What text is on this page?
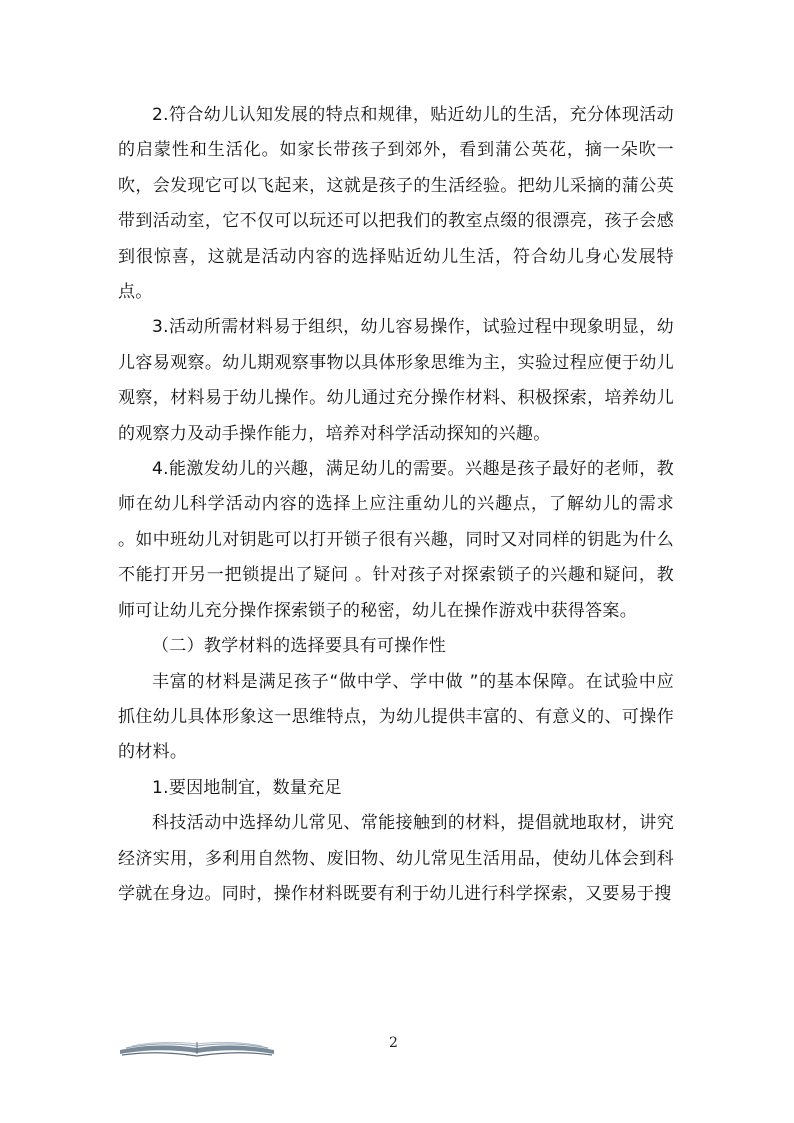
2.符合幼儿认知发展的特点和规律，贴近幼儿的生活，充分体现活动的启蒙性和生活化。如家长带孩子到郊外，看到蒲公英花，摘一朵吹一吹，会发现它可以飞起来，这就是孩子的生活经验。把幼儿采摘的蒲公英带到活动室，它不仅可以玩还可以把我们的教室点缀的很漂亮，孩子会感到很惊喜，这就是活动内容的选择贴近幼儿生活，符合幼儿身心发展特点。

3.活动所需材料易于组织，幼儿容易操作，试验过程中现象明显，幼儿容易观察。幼儿期观察事物以具体形象思维为主，实验过程应便于幼儿观察，材料易于幼儿操作。幼儿通过充分操作材料、积极探索，培养幼儿的观察力及动手操作能力，培养对科学活动探知的兴趣。

4.能激发幼儿的兴趣，满足幼儿的需要。兴趣是孩子最好的老师，教师在幼儿科学活动内容的选择上应注重幼儿的兴趣点，了解幼儿的需求 。如中班幼儿对钥匙可以打开锁子很有兴趣，同时又对同样的钥匙为什么不能打开另一把锁提出了疑问 。针对孩子对探索锁子的兴趣和疑问，教师可让幼儿充分操作探索锁子的秘密，幼儿在操作游戏中获得答案。

（二）教学材料的选择要具有可操作性

丰富的材料是满足孩子“做中学、学中做 ”的基本保障。在试验中应抓住幼儿具体形象这一思维特点，为幼儿提供丰富的、有意义的、可操作的材料。

1.要因地制宜，数量充足

科技活动中选择幼儿常见、常能接触到的材料，提倡就地取材，讲究经济实用，多利用自然物、废旧物、幼儿常见生活用品，使幼儿体会到科学就在身边。同时，操作材料既要有利于幼儿进行科学探索，又要易于搜

2
